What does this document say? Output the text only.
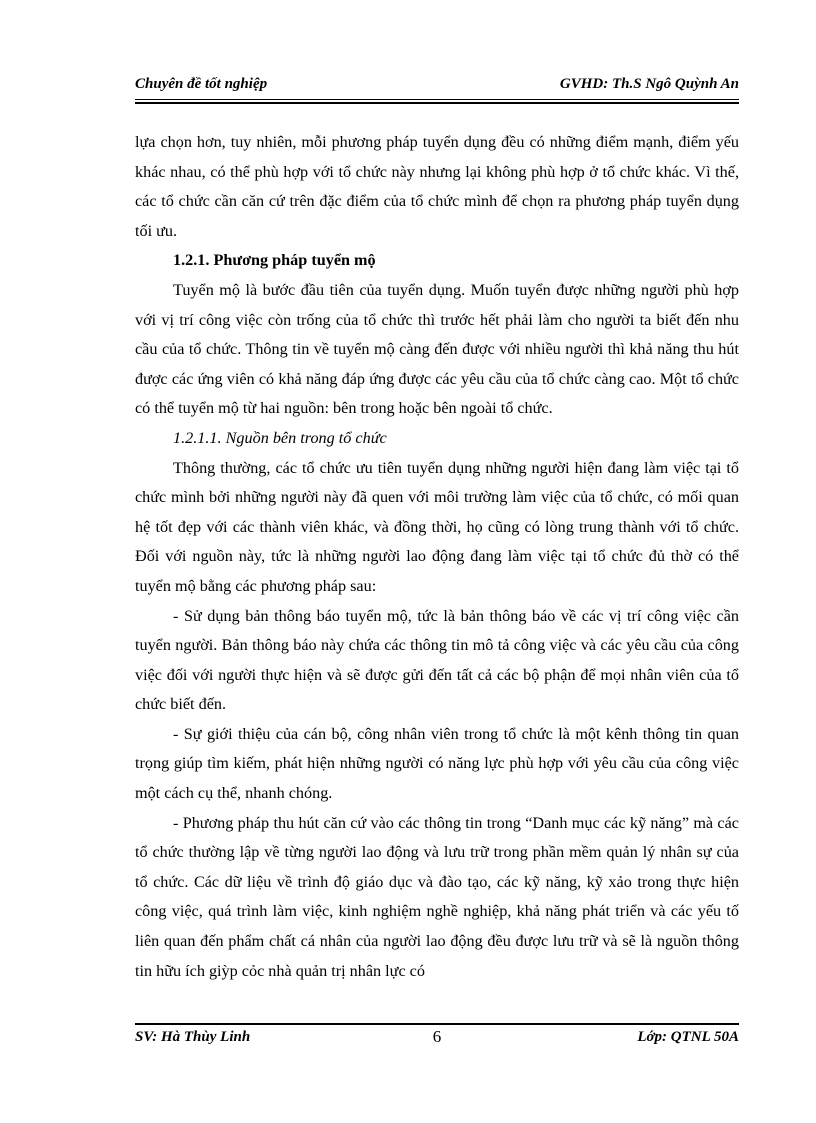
Chuyên đề tốt nghiệp	GVHD: Th.S Ngô Quỳnh An

lựa chọn hơn, tuy nhiên, mỗi phương pháp tuyển dụng đều có những điểm mạnh, điểm yếu khác nhau, có thể phù hợp với tổ chức này nhưng lại không phù hợp ở tổ chức khác. Vì thế, các tổ chức cần căn cứ trên đặc điểm của tổ chức mình để chọn ra phương pháp tuyển dụng tối ưu.

1.2.1. Phương pháp tuyển mộ

Tuyển mộ là bước đầu tiên của tuyển dụng. Muốn tuyển được những người phù hợp với vị trí công việc còn trống của tổ chức thì trước hết phải làm cho người ta biết đến nhu cầu của tổ chức. Thông tin về tuyển mộ càng đến được với nhiều người thì khả năng thu hút được các ứng viên có khả năng đáp ứng được các yêu cầu của tổ chức càng cao. Một tổ chức có thể tuyển mộ từ hai nguồn: bên trong hoặc bên ngoài tổ chức.

1.2.1.1. Nguồn bên trong tổ chức

Thông thường, các tổ chức ưu tiên tuyển dụng những người hiện đang làm việc tại tổ chức mình bởi những người này đã quen với môi trường làm việc của tổ chức, có mối quan hệ tốt đẹp với các thành viên khác, và đồng thời, họ cũng có lòng trung thành với tổ chức. Đối với nguồn này, tức là những người lao động đang làm việc tại tổ chức đủ thờ có thể tuyển mộ bằng các phương pháp sau:

- Sử dụng bản thông báo tuyển mộ, tức là bản thông báo về các vị trí công việc cần tuyển người. Bản thông báo này chứa các thông tin mô tả công việc và các yêu cầu của công việc đối với người thực hiện và sẽ được gửi đến tất cả các bộ phận để mọi nhân viên của tổ chức biết đến.

- Sự giới thiệu của cán bộ, công nhân viên trong tổ chức là một kênh thông tin quan trọng giúp tìm kiếm, phát hiện những người có năng lực phù hợp với yêu cầu của công việc một cách cụ thể, nhanh chóng.

- Phương pháp thu hút căn cứ vào các thông tin trong “Danh mục các kỹ năng” mà các tổ chức thường lập về từng người lao động và lưu trữ trong phần mềm quản lý nhân sự của tổ chức. Các dữ liệu về trình độ giáo dục và đào tạo, các kỹ năng, kỹ xảo trong thực hiện công việc, quá trình làm việc, kinh nghiệm nghề nghiệp, khả năng phát triển và các yếu tố liên quan đến phẩm chất cá nhân của người lao động đều được lưu trữ và sẽ là nguồn thông tin hữu ích giỳp cỏc nhà quản trị nhân lực có

SV: Hà Thùy Linh	6	Lớp: QTNL 50A
